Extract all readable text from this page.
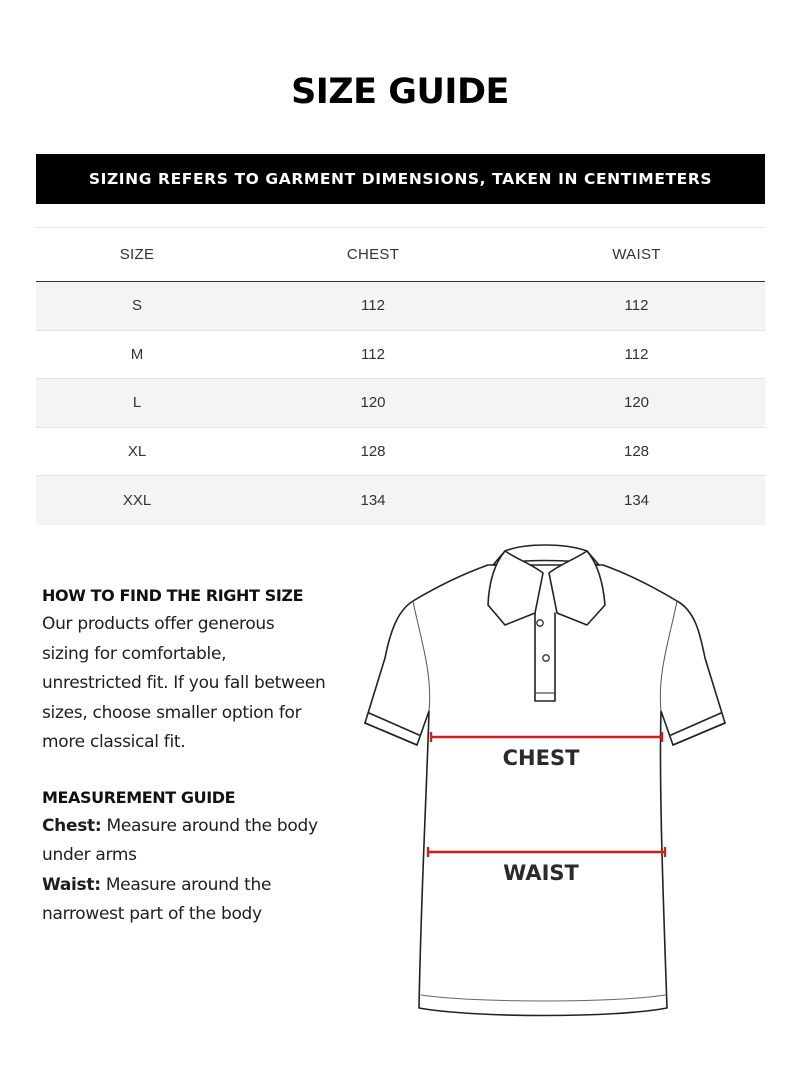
SIZE GUIDE
SIZING REFERS TO GARMENT DIMENSIONS, TAKEN IN CENTIMETERS
SIZE	CHEST	WAIST
S	112	112
M	112	112
L	120	120
XL	128	128
XXL	134	134
HOW TO FIND THE RIGHT SIZE

Our products offer generous

sizing for comfortable,

unrestricted fit. If you fall between

sizes, choose smaller option for

more classical fit.

MEASUREMENT GUIDE

Chest: Measure around the body

under arms

Waist: Measure around the

narrowest part of the body

CHEST
WAIST
